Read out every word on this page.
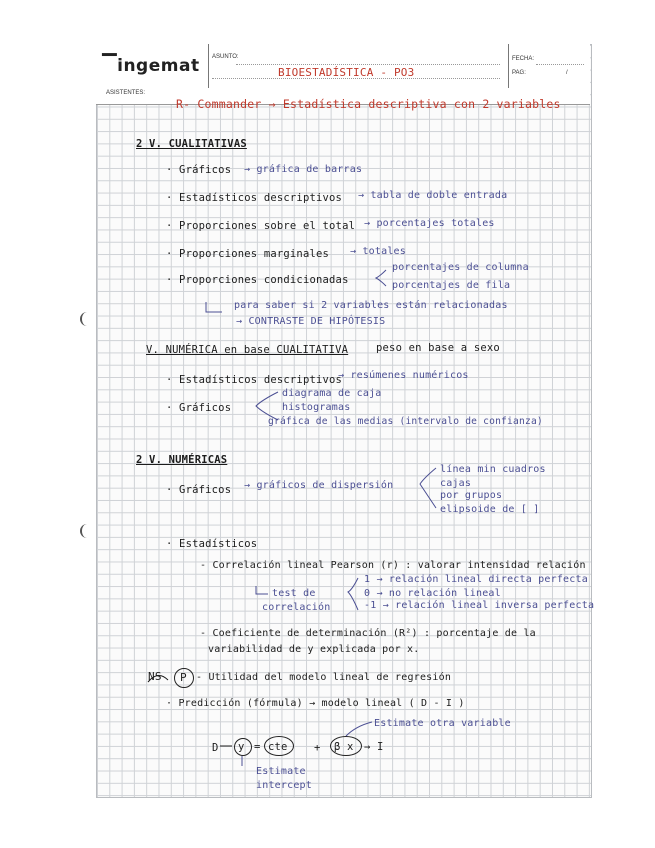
▔ingemat ASUNTO:	FECHA:
PAG:	/
BIOESTADÍSTICA - PO3
ASISTENTES:
R- Commander → Estadística descriptiva con 2 variables
2 V. CUALITATIVAS
· Gráficos → gráfica de barras
· Estadísticos descriptivos → tabla de doble entrada
· Proporciones sobre el total → porcentajes totales
· Proporciones marginales → totales
· Proporciones condicionadas
porcentajes de columna
porcentajes de fila
para saber si 2 variables están relacionadas
→ CONTRASTE DE HIPÓTESIS
V. NUMÉRICA en base CUALITATIVA	peso en base a sexo
· Estadísticos descriptivos
→ resúmenes numéricos
· Gráficos
diagrama de caja
histogramas
gráfica de las medias (intervalo de confianza)
2 V. NUMÉRICAS
· Gráficos → gráficos de dispersión
línea min cuadros
cajas
por grupos
elipsoide de [ ]
· Estadísticos
- Correlación lineal Pearson (r) : valorar intensidad relación
test de
correlación
1 → relación lineal directa perfecta
0 → no relación lineal
-1 → relación lineal inversa perfecta
- Coeficiente de determinación (R²) : porcentaje de la
variabilidad de y explicada por x.
NS P - Utilidad del modelo lineal de regresión
· Predicción (fórmula) → modelo lineal ( D - I )
Estimate otra variable
D y = cte	+ β x → I
Estimate
intercept
